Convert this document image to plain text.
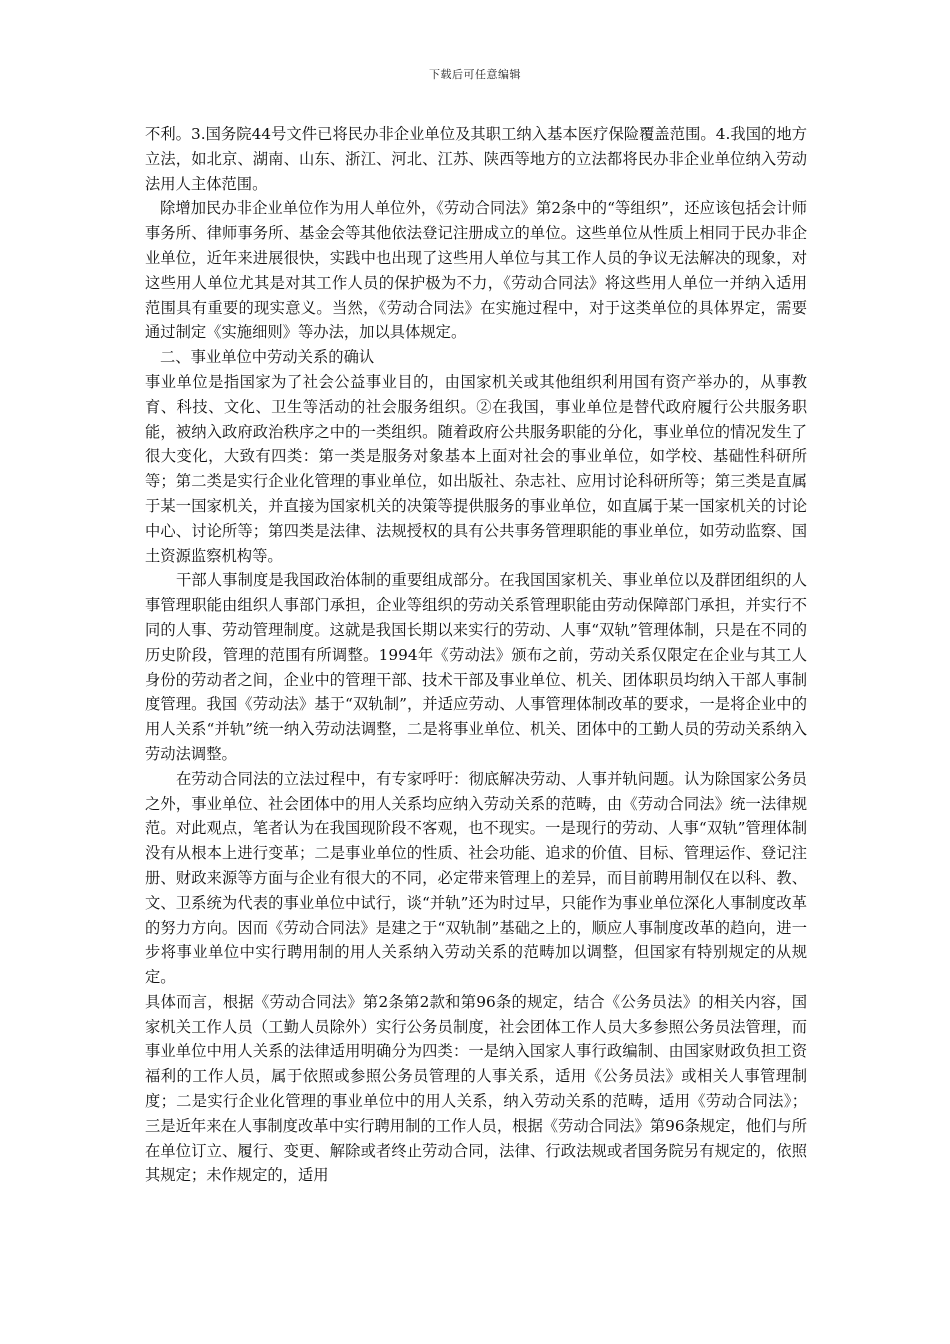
下载后可任意编辑

不利。3.国务院44号文件已将民办非企业单位及其职工纳入基本医疗保险覆盖范围。4.我国的地方立法，如北京、湖南、山东、浙江、河北、江苏、陕西等地方的立法都将民办非企业单位纳入劳动法用人主体范围。

除增加民办非企业单位作为用人单位外，《劳动合同法》第2条中的“等组织”，还应该包括会计师事务所、律师事务所、基金会等其他依法登记注册成立的单位。这些单位从性质上相同于民办非企业单位，近年来进展很快，实践中也出现了这些用人单位与其工作人员的争议无法解决的现象，对这些用人单位尤其是对其工作人员的保护极为不力，《劳动合同法》将这些用人单位一并纳入适用范围具有重要的现实意义。当然，《劳动合同法》在实施过程中，对于这类单位的具体界定，需要通过制定《实施细则》等办法，加以具体规定。

二、事业单位中劳动关系的确认

事业单位是指国家为了社会公益事业目的，由国家机关或其他组织利用国有资产举办的，从事教育、科技、文化、卫生等活动的社会服务组织。②在我国，事业单位是替代政府履行公共服务职能，被纳入政府政治秩序之中的一类组织。随着政府公共服务职能的分化，事业单位的情况发生了很大变化，大致有四类：第一类是服务对象基本上面对社会的事业单位，如学校、基础性科研所等；第二类是实行企业化管理的事业单位，如出版社、杂志社、应用讨论科研所等；第三类是直属于某一国家机关，并直接为国家机关的决策等提供服务的事业单位，如直属于某一国家机关的讨论中心、讨论所等；第四类是法律、法规授权的具有公共事务管理职能的事业单位，如劳动监察、国土资源监察机构等。

干部人事制度是我国政治体制的重要组成部分。在我国国家机关、事业单位以及群团组织的人事管理职能由组织人事部门承担，企业等组织的劳动关系管理职能由劳动保障部门承担，并实行不同的人事、劳动管理制度。这就是我国长期以来实行的劳动、人事“双轨”管理体制，只是在不同的历史阶段，管理的范围有所调整。1994年《劳动法》颁布之前，劳动关系仅限定在企业与其工人身份的劳动者之间，企业中的管理干部、技术干部及事业单位、机关、团体职员均纳入干部人事制度管理。我国《劳动法》基于“双轨制”，并适应劳动、人事管理体制改革的要求，一是将企业中的用人关系“并轨”统一纳入劳动法调整，二是将事业单位、机关、团体中的工勤人员的劳动关系纳入劳动法调整。

在劳动合同法的立法过程中，有专家呼吁：彻底解决劳动、人事并轨问题。认为除国家公务员之外，事业单位、社会团体中的用人关系均应纳入劳动关系的范畴，由《劳动合同法》统一法律规范。对此观点，笔者认为在我国现阶段不客观，也不现实。一是现行的劳动、人事“双轨”管理体制没有从根本上进行变革；二是事业单位的性质、社会功能、追求的价值、目标、管理运作、登记注册、财政来源等方面与企业有很大的不同，必定带来管理上的差异，而目前聘用制仅在以科、教、文、卫系统为代表的事业单位中试行，谈“并轨”还为时过早，只能作为事业单位深化人事制度改革的努力方向。因而《劳动合同法》是建之于“双轨制”基础之上的，顺应人事制度改革的趋向，进一步将事业单位中实行聘用制的用人关系纳入劳动关系的范畴加以调整，但国家有特别规定的从规定。

具体而言，根据《劳动合同法》第2条第2款和第96条的规定，结合《公务员法》的相关内容，国家机关工作人员（工勤人员除外）实行公务员制度，社会团体工作人员大多参照公务员法管理，而事业单位中用人关系的法律适用明确分为四类：一是纳入国家人事行政编制、由国家财政负担工资福利的工作人员，属于依照或参照公务员管理的人事关系，适用《公务员法》或相关人事管理制度；二是实行企业化管理的事业单位中的用人关系，纳入劳动关系的范畴，适用《劳动合同法》；三是近年来在人事制度改革中实行聘用制的工作人员，根据《劳动合同法》第96条规定，他们与所在单位订立、履行、变更、解除或者终止劳动合同，法律、行政法规或者国务院另有规定的，依照其规定；未作规定的，适用
